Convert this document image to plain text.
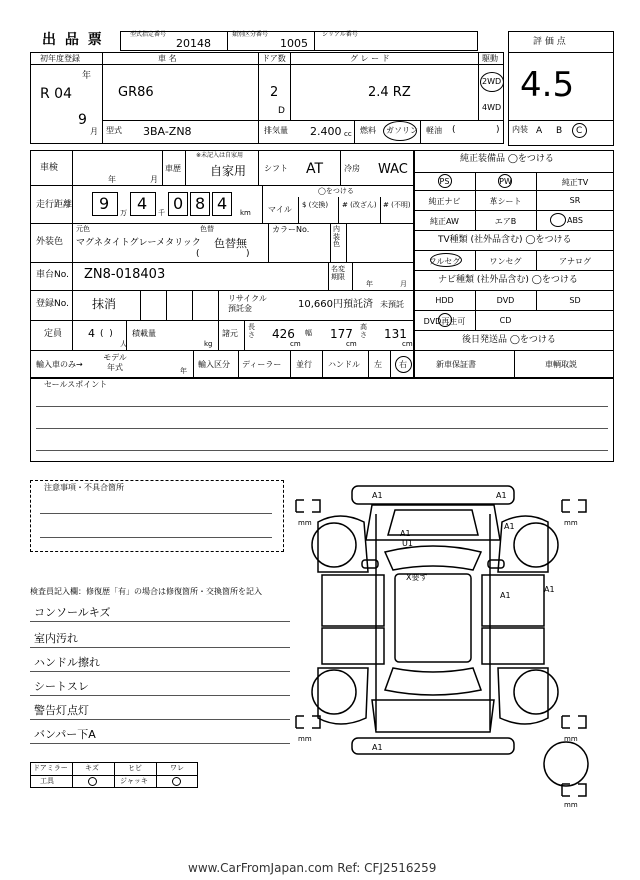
出 品 票	型式指定番号
20148
類別区分番号
1005
シリアル番号
評 価 点
4.5
初年度登録
年
R 04
9
月
車 名
GR86
ドア数
2
D
グ レ ー ド
2.4 RZ
駆動
2WD
4WD
型式 3BA-ZN8	排気量 2.400 cc 燃料 ガソリン 軽油 (	) 内装 A B C
車検
年	月
車歴
※未記入は自家用
自家用 シフト AT	冷房 WAC
走行距離 9 万 4 千 0 8 4 km
◯をつける
マイル $ (交換) # (改ざん) # (不明)
外装色
元色
マグネタイトグレーメタリック
色替
色替無
(	)
カラーNo.	内装色
車台No. ZN8-018403	名変期限
年	月
登録No. 抹消	リサイクル預託金	10,660円預託済 未預託
定員 4 (  )
人
積載量
kg
諸元
長さ 426
cm
幅 177
cm
高さ 131
cm
輸入車のみ→
モデル年式	年
輸入区分 ディーラー 並行 ハンドル 左 右
純正装備品 ◯をつける
PS	PW	純正TV
純正ナビ	革シート	SR
純正AW	エアB	ABS
TV種類 (社外品含む) ◯をつける
フルセグ	ワンセグ	アナログ
ナビ種類 (社外品含む) ◯をつける
HDD	DVD	SD
DVD再生可	CD
後日発送品 ◯をつける
新車保証書	車輌取説
セールスポイント
注意事項・不具合箇所
検査員記入欄：修復歴「有」の場合は修復箇所・交換箇所を記入
コンソールキズ
室内汚れ
ハンドル擦れ
シートスレ
警告灯点灯
バンパー下A
ドアミラー キズ	ヒビ	ワレ
工具	ジャッキ
A1	A1
A1
U1
X要す
A1
A1
A1
A1
mm	mm
mm	mm
mm
www.CarFromJapan.com Ref: CFJ2516259
